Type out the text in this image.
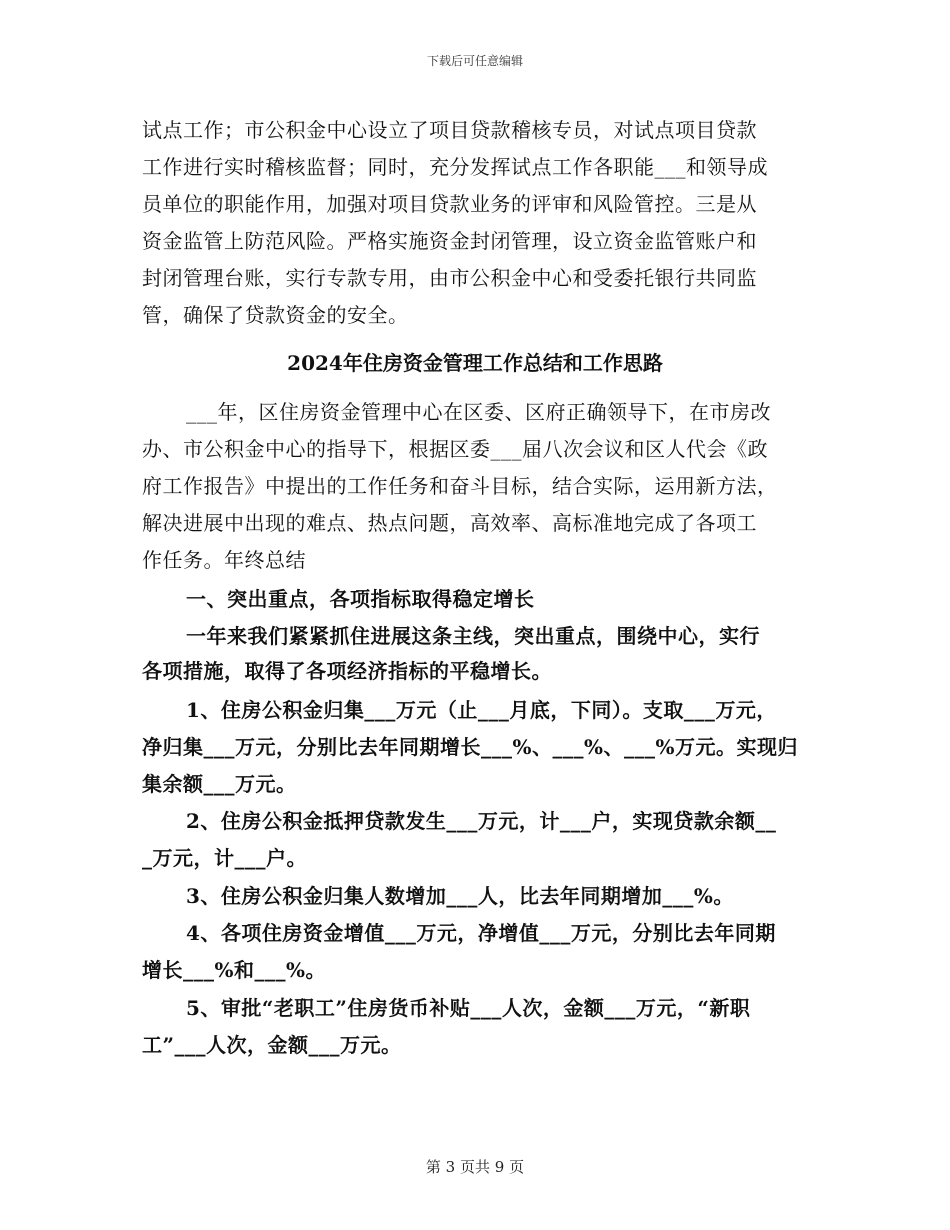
下载后可任意编辑
试点工作；市公积金中心设立了项目贷款稽核专员，对试点项目贷款
工作进行实时稽核监督；同时，充分发挥试点工作各职能___和领导成
员单位的职能作用，加强对项目贷款业务的评审和风险管控。三是从
资金监管上防范风险。严格实施资金封闭管理，设立资金监管账户和
封闭管理台账，实行专款专用，由市公积金中心和受委托银行共同监
管，确保了贷款资金的安全。
2024年住房资金管理工作总结和工作思路
___年，区住房资金管理中心在区委、区府正确领导下，在市房改
办、市公积金中心的指导下，根据区委___届八次会议和区人代会《政
府工作报告》中提出的工作任务和奋斗目标，结合实际，运用新方法，
解决进展中出现的难点、热点问题，高效率、高标准地完成了各项工
作任务。年终总结
一、突出重点，各项指标取得稳定增长
一年来我们紧紧抓住进展这条主线，突出重点，围绕中心，实行
各项措施，取得了各项经济指标的平稳增长。
1、住房公积金归集___万元（止___月底，下同）。支取___万元，
净归集___万元，分别比去年同期增长___%、___%、___%万元。实现归
集余额___万元。
2、住房公积金抵押贷款发生___万元，计___户，实现贷款余额__
_万元，计___户。
3、住房公积金归集人数增加___人，比去年同期增加___%。
4、各项住房资金增值___万元，净增值___万元，分别比去年同期
增长___%和___%。
5、审批“老职工”住房货币补贴___人次，金额___万元，“新职
工”___人次，金额___万元。
第 3 页共 9 页
